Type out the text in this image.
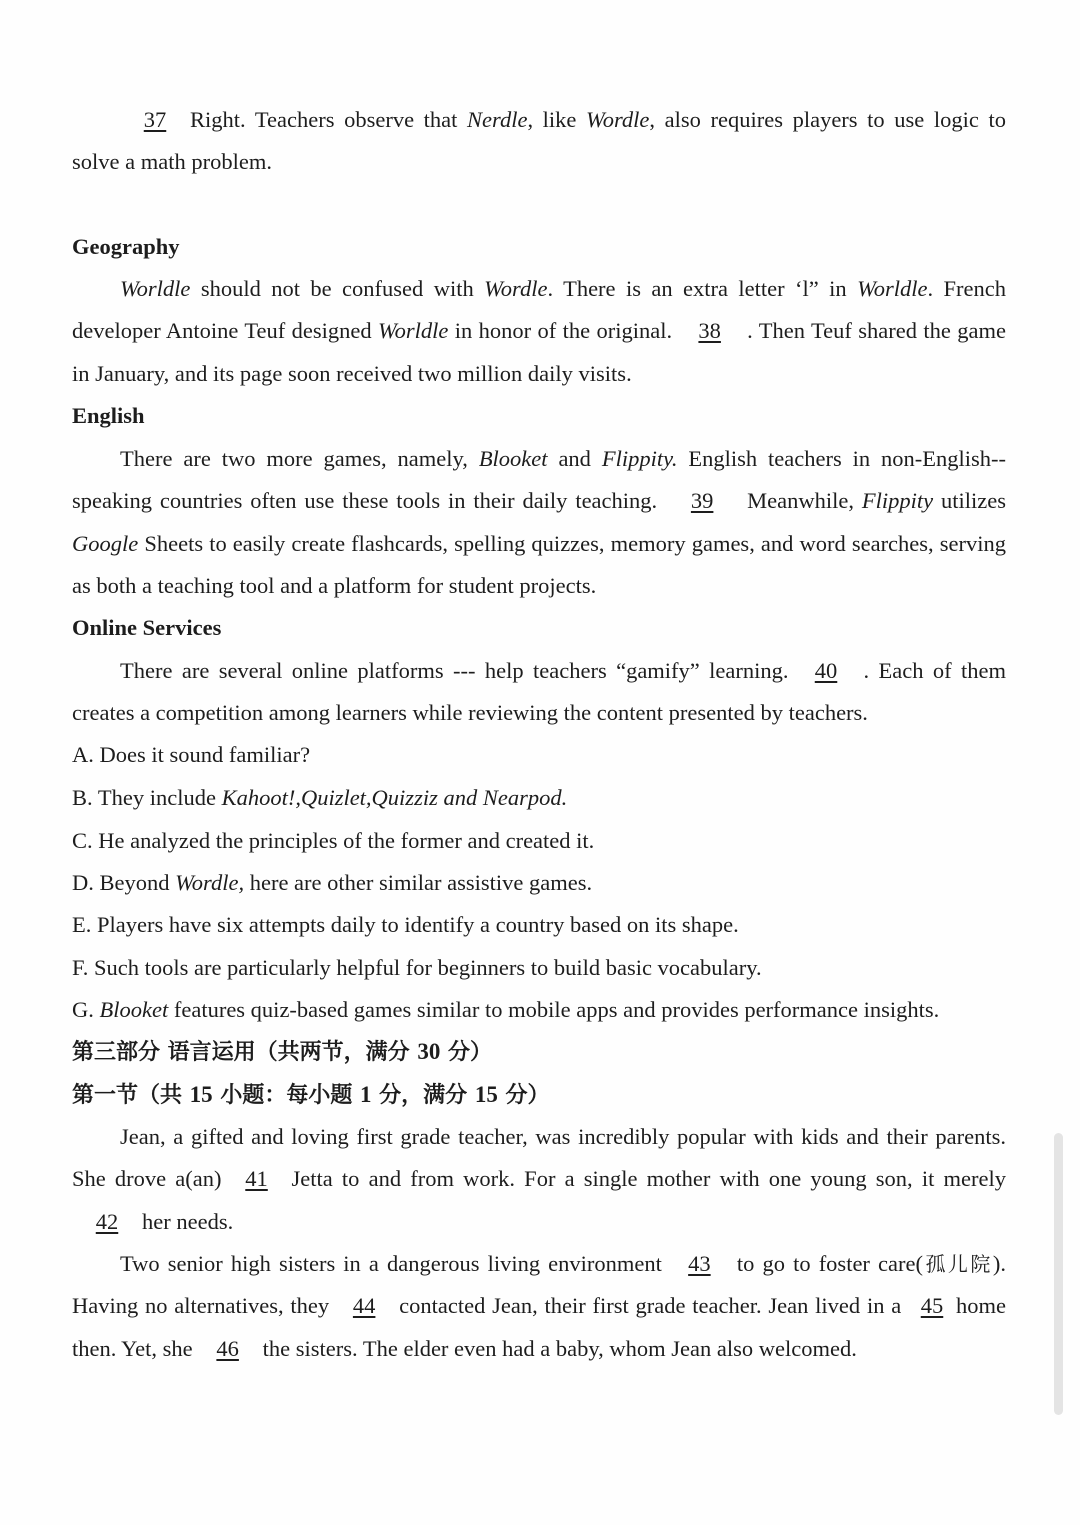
37 Right. Teachers observe that Nerdle, like Wordle, also requires players to use logic to solve a math problem.

Geography

Worldle should not be confused with Wordle. There is an extra letter ‘l” in Worldle. French developer Antoine Teuf designed Worldle in honor of the original. 38 . Then Teuf shared the game in January, and its page soon received two million daily visits.

English

There are two more games, namely, Blooket and Flippity. English teachers in non-English--speaking countries often use these tools in their daily teaching. 39 Meanwhile, Flippity utilizes Google Sheets to easily create flashcards, spelling quizzes, memory games, and word searches, serving as both a teaching tool and a platform for student projects.

Online Services

There are several online platforms --- help teachers “gamify” learning. 40 . Each of them creates a competition among learners while reviewing the content presented by teachers.

A. Does it sound familiar?

B. They include Kahoot!,Quizlet,Quizziz and Nearpod.

C. He analyzed the principles of the former and created it.

D. Beyond Wordle, here are other similar assistive games.

E. Players have six attempts daily to identify a country based on its shape.

F. Such tools are particularly helpful for beginners to build basic vocabulary.

G. Blooket features quiz-based games similar to mobile apps and provides performance insights.

第三部分 语言运用（共两节，满分 30 分）

第一节（共 15 小题：每小题 1 分，满分 15 分）

Jean, a gifted and loving first grade teacher, was incredibly popular with kids and their parents. She drove a(an) 41 Jetta to and from work. For a single mother with one young son, it merely42 her needs.

Two senior high sisters in a dangerous living environment 43 to go to foster care(孤儿院). Having no alternatives, they 44 contacted Jean, their first grade teacher. Jean lived in a 45 home then. Yet, she 46 the sisters. The elder even had a baby, whom Jean also welcomed.
